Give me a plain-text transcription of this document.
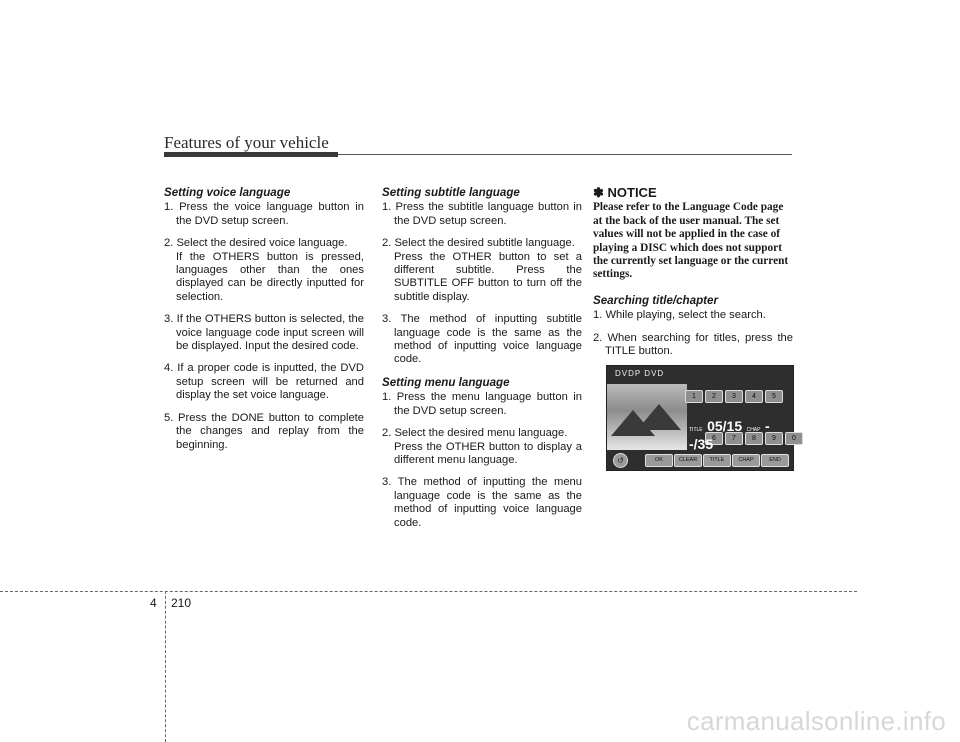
Features of your vehicle
Setting voice language
1. Press the voice language button in the DVD setup screen.
2. Select the desired voice language.
If the OTHERS button is pressed, languages other than the ones displayed can be directly inputted for selection.
3. If the OTHERS button is selected, the voice language code input screen will be displayed. Input the desired code.
4. If a proper code is inputted, the DVD setup screen will be returned and display the set voice language.
5. Press the DONE button to complete the changes and replay from the beginning.
Setting subtitle language
1. Press the subtitle language button in the DVD setup screen.
2. Select the desired subtitle language.
Press the OTHER button to set a different subtitle. Press the SUBTITLE OFF button to turn off the subtitle display.
3. The method of inputting subtitle language code is the same as the method of inputting voice language code.
Setting menu language
1. Press the menu language button in the DVD setup screen.
2. Select the desired menu language.
Press the OTHER button to display a different menu language.
3. The method of inputting the menu language code is the same as the method of inputting voice language code.
✽ NOTICE
Please refer to the Language Code page at the back of the user manual. The set values will not be applied in the case of playing a DISC which does not support the currently set language or the current settings.
Searching title/chapter
1. While playing, select the search.
2. When searching for titles, press the TITLE button.
DVDP DVD
1	2	3	4	5
6	7	8	9	0
TITLE 05/15 CHAP - -/35
↺	OK	CLEAR	TITLE	CHAP	END
4 210
carmanualsonline.info
